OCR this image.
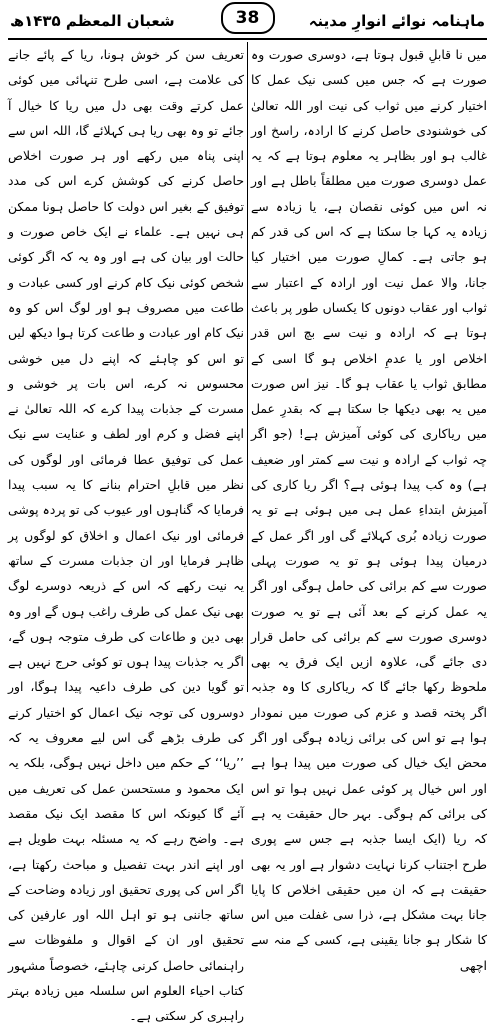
شعبان المعظم ۱۴۳۵ھ	ماہنامہ نوائے انوارِ مدینہ
38

میں نا قابلِ قبول ہوتا ہے، دوسری صورت وہ صورت ہے کہ جس میں کسی نیک عمل کا اختیار کرنے میں ثواب کی نیت اور اللہ تعالیٰ کی خوشنودی حاصل کرنے کا ارادہ، راسخ اور غالب ہو اور بظاہر یہ معلوم ہوتا ہے کہ یہ عمل دوسری صورت میں مطلقاً باطل ہے اور نہ اس میں کوئی نقصان ہے، یا زیادہ سے زیادہ یہ کہا جا سکتا ہے کہ اس کی قدر کم ہو جاتی ہے۔ کمالِ صورت میں اختیار کیا جانا، والا عمل نیت اور ارادہ کے اعتبار سے ثواب اور عقاب دونوں کا یکساں طور پر باعث ہوتا ہے کہ ارادہ و نیت سے بچ اس قدر اخلاص اور یا عدمِ اخلاص ہو گا اسی کے مطابق ثواب یا عقاب ہو گا۔ نیز اس صورت میں یہ بھی دیکھا جا سکتا ہے کہ بقدرِ عمل میں ریاکاری کی کوئی آمیزش ہے! (جو اگر چہ ثواب کے ارادہ و نیت سے کمتر اور ضعیف ہے) وہ کب پیدا ہوئی ہے؟ اگر ریا کاری کی آمیزش ابتداءِ عمل ہی میں ہوئی ہے تو یہ صورت زیادہ بُری کہلائے گی اور اگر عمل کے درمیان پیدا ہوئی ہو تو یہ صورت پہلی صورت سے کم برائی کی حامل ہوگی اور اگر یہ عمل کرنے کے بعد آئی ہے تو یہ صورت دوسری صورت سے کم برائی کی حامل قرار دی جائے گی، علاوہ ازیں ایک فرق یہ بھی ملحوظ رکھا جائے گا کہ ریاکاری کا وہ جذبہ اگر پختہ قصد و عزم کی صورت میں نمودار ہوا ہے تو اس کی برائی زیادہ ہوگی اور اگر محض ایک خیال کی صورت میں پیدا ہوا ہے اور اس خیال پر کوئی عمل نہیں ہوا تو اس کی برائی کم ہوگی۔ بہر حال حقیقت یہ ہے کہ ریا (ایک ایسا جذبہ ہے جس سے پوری طرح اجتناب کرنا نہایت دشوار ہے اور یہ بھی حقیقت ہے کہ ان میں حقیقی اخلاص کا پایا جانا بہت مشکل ہے، ذرا سی غفلت میں اس کا شکار ہو جانا یقینی ہے، کسی کے منہ سے اچھی

تعریف سن کر خوش ہونا، ریا کے پائے جانے کی علامت ہے، اسی طرح تنہائی میں کوئی عمل کرتے وقت بھی دل میں ریا کا خیال آ جائے تو وہ بھی ریا ہی کہلائے گا، اللہ اس سے اپنی پناہ میں رکھے اور ہر صورت اخلاص حاصل کرنے کی کوشش کرے اس کی مدد توفیق کے بغیر اس دولت کا حاصل ہونا ممکن ہی نہیں ہے۔ علماء نے ایک خاص صورت و حالت اور بیان کی ہے اور وہ یہ کہ اگر کوئی شخص کوئی نیک کام کرنے اور کسی عبادت و طاعت میں مصروف ہو اور لوگ اس کو وہ نیک کام اور عبادت و طاعت کرتا ہوا دیکھ لیں تو اس کو چاہئے کہ اپنے دل میں خوشی محسوس نہ کرے، اس بات پر خوشی و مسرت کے جذبات پیدا کرے کہ اللہ تعالیٰ نے اپنے فضل و کرم اور لطف و عنایت سے نیک عمل کی توفیق عطا فرمائی اور لوگوں کی نظر میں قابلِ احترام بنانے کا یہ سبب پیدا فرمایا کہ گناہوں اور عیوب کی تو پردہ پوشی فرمائی اور نیک اعمال و اخلاق کو لوگوں پر ظاہر فرمایا اور ان جذبات مسرت کے ساتھ یہ نیت رکھے کہ اس کے ذریعہ دوسرے لوگ بھی نیک عمل کی طرف راغب ہوں گے اور وہ بھی دین و طاعات کی طرف متوجہ ہوں گے، اگر یہ جذبات پیدا ہوں تو کوئی حرج نہیں ہے تو گویا دین کی طرف داعیہ پیدا ہوگا، اور دوسروں کی توجہ نیک اعمال کو اختیار کرنے کی طرف بڑھے گی اس لیے معروف یہ کہ ’’ریا‘‘ کے حکم میں داخل نہیں ہوگی، بلکہ یہ ایک محمود و مستحسن عمل کی تعریف میں آئے گا کیونکہ اس کا مقصد ایک نیک مقصد ہے۔ واضح رہے کہ یہ مسئلہ بہت طویل ہے اور اپنے اندر بہت تفصیل و مباحث رکھتا ہے، اگر اس کی پوری تحقیق اور زیادہ وضاحت کے ساتھ جاننی ہو تو اہل اللہ اور عارفین کی تحقیق اور ان کے اقوال و ملفوظات سے راہنمائی حاصل کرنی چاہئے، خصوصاً مشہور کتاب احیاء العلوم اس سلسلہ میں زیادہ بہتر راہبری کر سکتی ہے۔
